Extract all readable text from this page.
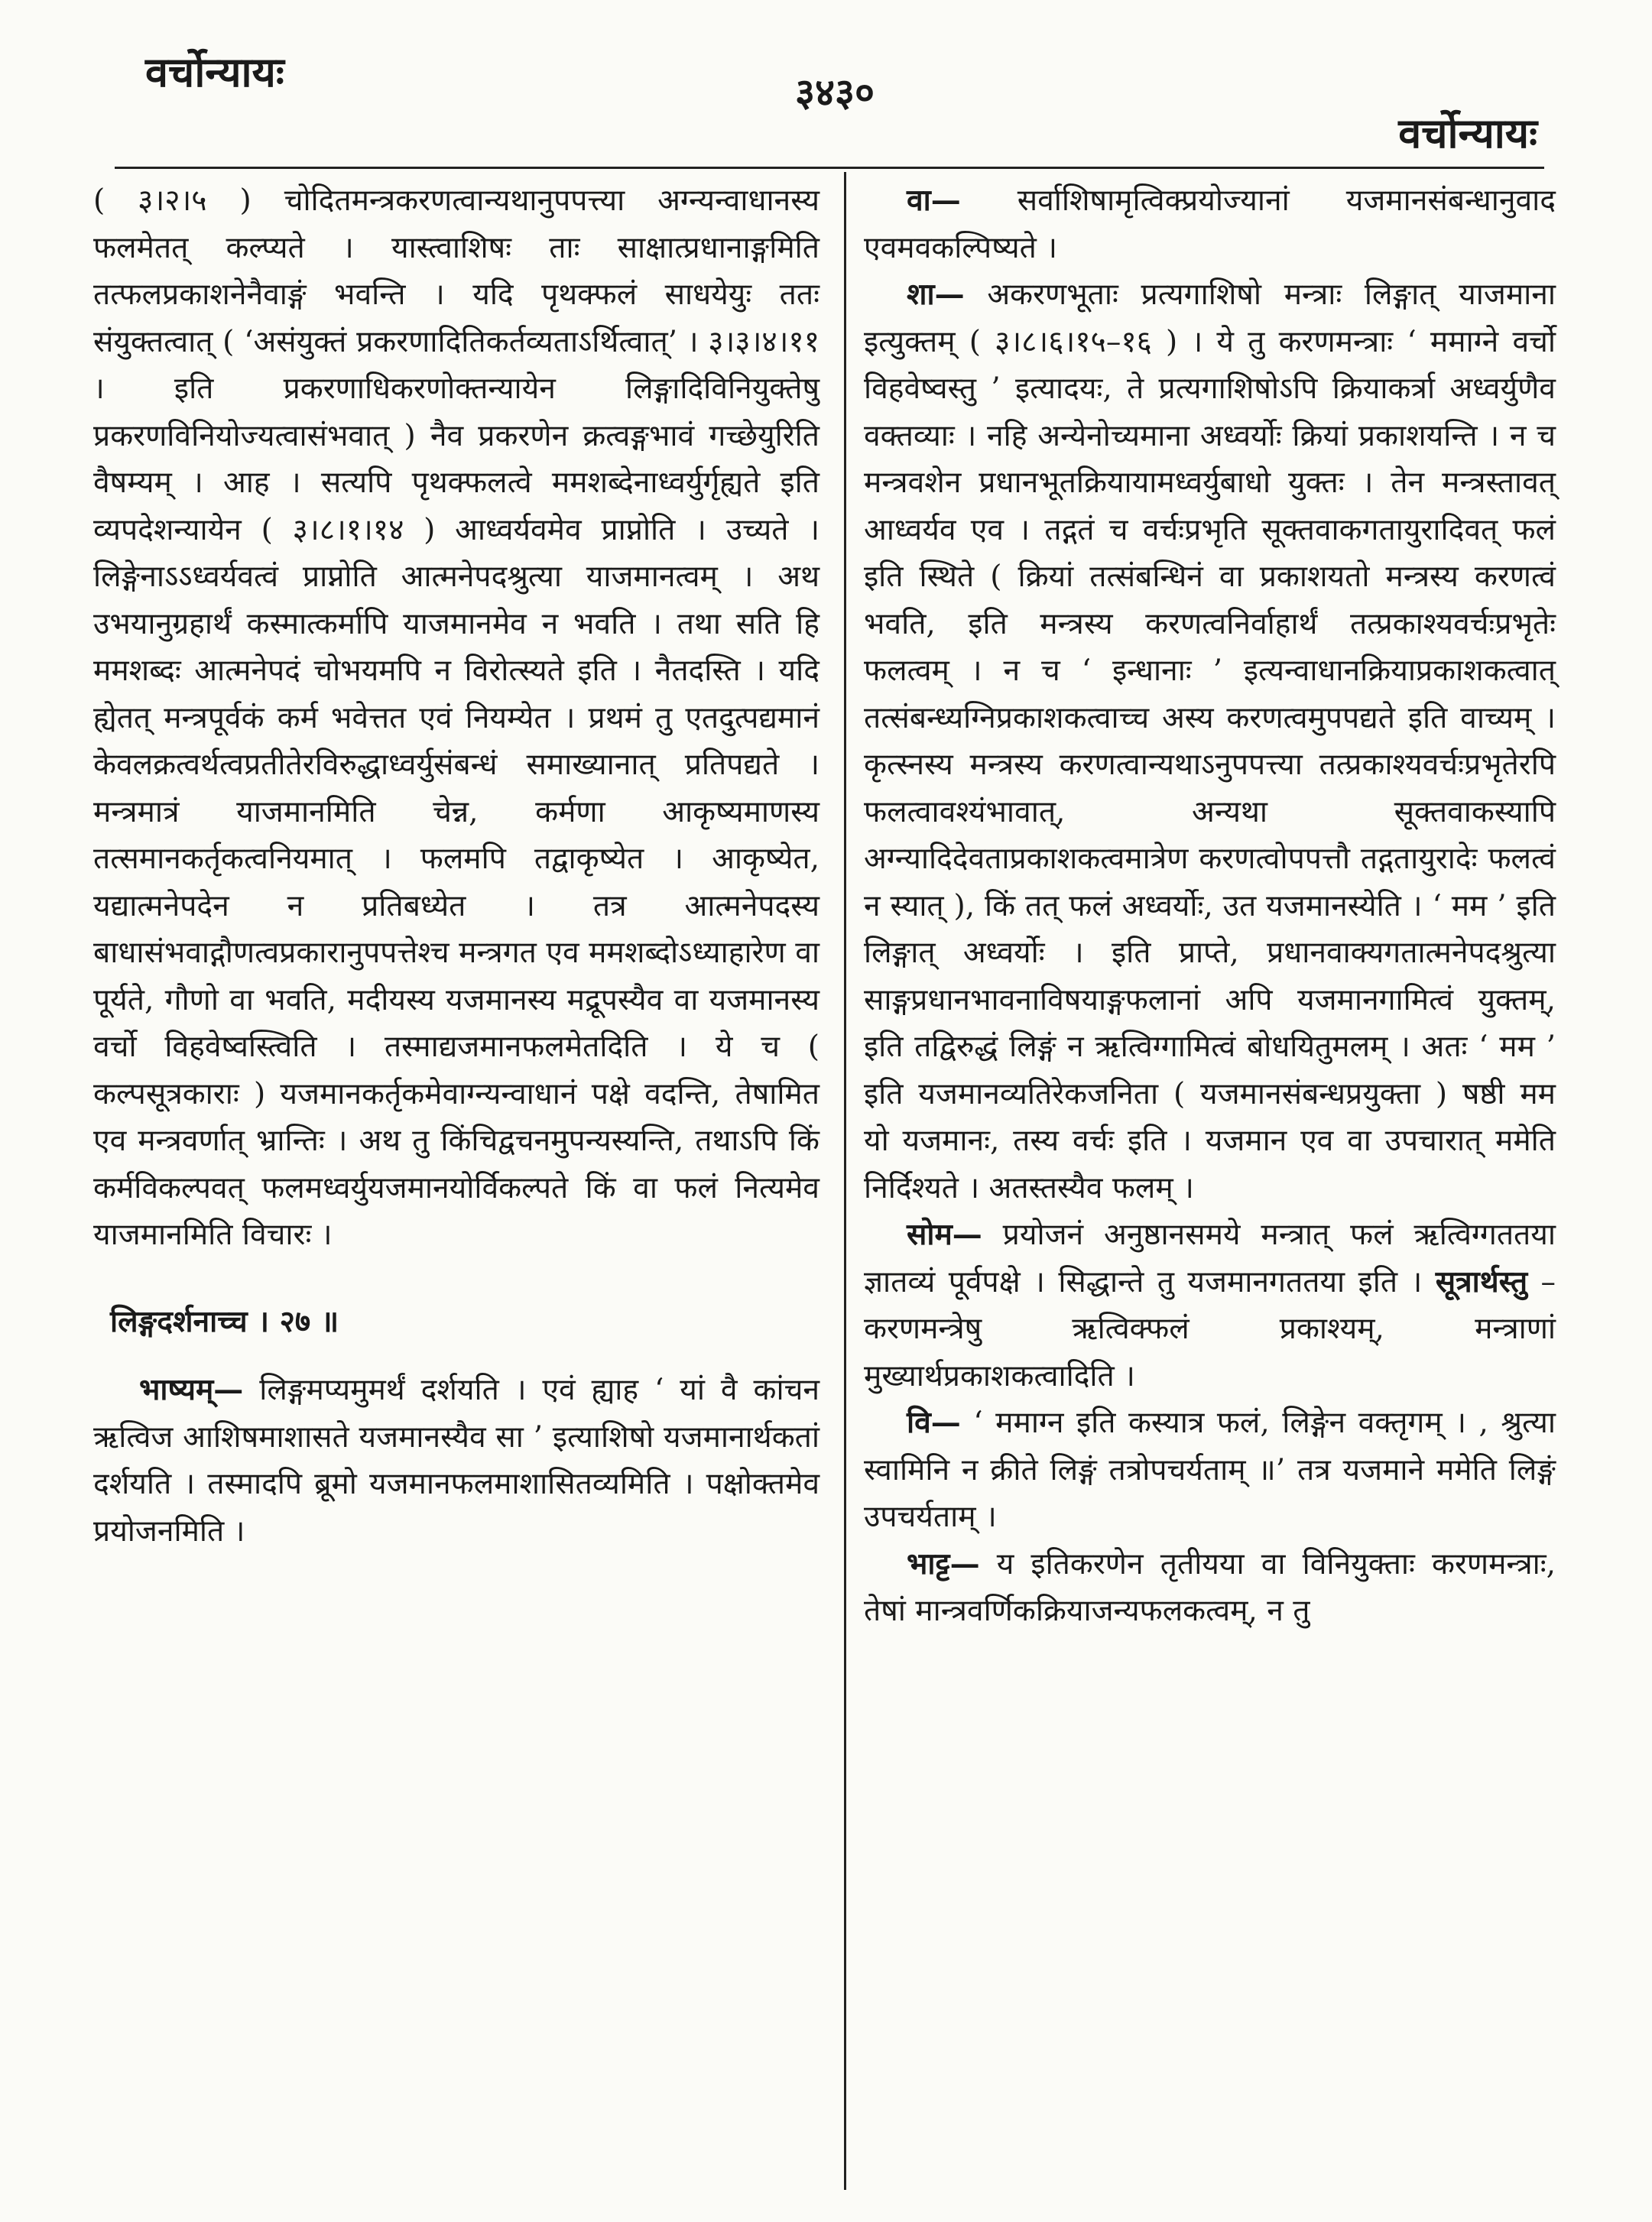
वर्चोन्यायः	३४३०
वर्चोन्यायः

( ३।२।५ ) चोदितमन्त्रकरणत्वान्यथानुपपत्त्या अग्न्यन्वाधानस्य फलमेतत् कल्प्यते । यास्त्वाशिषः ताः साक्षात्प्रधानाङ्गमिति तत्फलप्रकाशनेनैवाङ्गं भवन्ति । यदि पृथक्फलं साधयेयुः ततः संयुक्तत्वात् ( ‘असंयुक्तं प्रकरणादितिकर्तव्यताऽर्थित्वात्’ । ३।३।४।११ । इति प्रकरणाधिकरणोक्तन्यायेन लिङ्गादिविनियुक्तेषु प्रकरणविनियोज्यत्वासंभवात् ) नैव प्रकरणेन क्रत्वङ्गभावं गच्छेयुरिति वैषम्यम् । आह । सत्यपि पृथक्फलत्वे ममशब्देनाध्वर्युर्गृह्यते इति व्यपदेशन्यायेन ( ३।८।१।१४ ) आध्वर्यवमेव प्राप्नोति । उच्यते । लिङ्गेनाऽऽध्वर्यवत्वं प्राप्नोति आत्मनेपदश्रुत्या याजमानत्वम् । अथ उभयानुग्रहार्थं कस्मात्कर्मापि याजमानमेव न भवति । तथा सति हि ममशब्दः आत्मनेपदं चोभयमपि न विरोत्स्यते इति । नैतदस्ति । यदि ह्येतत् मन्त्रपूर्वकं कर्म भवेत्तत एवं नियम्येत । प्रथमं तु एतदुत्पद्यमानं केवलक्रत्वर्थत्वप्रतीतेरविरुद्धाध्वर्युसंबन्धं समाख्यानात् प्रतिपद्यते । मन्त्रमात्रं याजमानमिति चेन्न, कर्मणा आकृष्यमाणस्य तत्समानकर्तृकत्वनियमात् । फलमपि तद्वाकृष्येत । आकृष्येत, यद्यात्मनेपदेन न प्रतिबध्येत । तत्र आत्मनेपदस्य बाधासंभवाद्गौणत्वप्रकारानुपपत्तेश्च मन्त्रगत एव ममशब्दोऽध्याहारेण वा पूर्यते, गौणो वा भवति, मदीयस्य यजमानस्य मद्रूपस्यैव वा यजमानस्य वर्चो विहवेष्वस्त्विति । तस्माद्यजमानफलमेतदिति । ये च ( कल्पसूत्रकाराः ) यजमानकर्तृकमेवाग्न्यन्वाधानं पक्षे वदन्ति, तेषामित एव मन्त्रवर्णात् भ्रान्तिः । अथ तु किंचिद्वचनमुपन्यस्यन्ति, तथाऽपि किं कर्मविकल्पवत् फलमध्वर्युयजमानयोर्विकल्पते किं वा फलं नित्यमेव याजमानमिति विचारः ।

लिङ्गदर्शनाच्च । २७ ॥

भाष्यम्— लिङ्गमप्यमुमर्थं दर्शयति । एवं ह्याह ‘ यां वै कांचन ऋत्विज आशिषमाशासते यजमानस्यैव सा ’ इत्याशिषो यजमानार्थकतां दर्शयति । तस्मादपि ब्रूमो यजमानफलमाशासितव्यमिति । पक्षोक्तमेव प्रयोजनमिति ।

वा— सर्वाशिषामृत्विक्प्रयोज्यानां यजमानसंबन्धानुवाद एवमवकल्पिष्यते ।

शा— अकरणभूताः प्रत्यगाशिषो मन्त्राः लिङ्गात् याजमाना इत्युक्तम् ( ३।८।६।१५–१६ ) । ये तु करणमन्त्राः ‘ ममाग्ने वर्चो विहवेष्वस्तु ’ इत्यादयः, ते प्रत्यगाशिषोऽपि क्रियाकर्त्रा अध्वर्युणैव वक्तव्याः । नहि अन्येनोच्यमाना अध्वर्योः क्रियां प्रकाशयन्ति । न च मन्त्रवशेन प्रधानभूतक्रियायामध्वर्युबाधो युक्तः । तेन मन्त्रस्तावत् आध्वर्यव एव । तद्गतं च वर्चःप्रभृति सूक्तवाकगतायुरादिवत् फलं इति स्थिते ( क्रियां तत्संबन्धिनं वा प्रकाशयतो मन्त्रस्य करणत्वं भवति, इति मन्त्रस्य करणत्वनिर्वाहार्थं तत्प्रकाश्यवर्चःप्रभृतेः फलत्वम् । न च ‘ इन्धानाः ’ इत्यन्वाधानक्रियाप्रकाशकत्वात् तत्संबन्ध्यग्निप्रकाशकत्वाच्च अस्य करणत्वमुपपद्यते इति वाच्यम् । कृत्स्नस्य मन्त्रस्य करणत्वान्यथाऽनुपपत्त्या तत्प्रकाश्यवर्चःप्रभृतेरपि फलत्वावश्यंभावात्, अन्यथा सूक्तवाकस्यापि अग्न्यादिदेवताप्रकाशकत्वमात्रेण करणत्वोपपत्तौ तद्गतायुरादेः फलत्वं न स्यात् ), किं तत् फलं अध्वर्योः, उत यजमानस्येति । ‘ मम ’ इति लिङ्गात् अध्वर्योः । इति प्राप्ते, प्रधानवाक्यगतात्मनेपदश्रुत्या साङ्गप्रधानभावनाविषयाङ्गफलानां अपि यजमानगामित्वं युक्तम्, इति तद्विरुद्धं लिङ्गं न ऋत्विग्गामित्वं बोधयितुमलम् । अतः ‘ मम ’ इति यजमानव्यतिरेकजनिता ( यजमानसंबन्धप्रयुक्ता ) षष्ठी मम यो यजमानः, तस्य वर्चः इति । यजमान एव वा उपचारात् ममेति निर्दिश्यते । अतस्तस्यैव फलम् ।

सोम— प्रयोजनं अनुष्ठानसमये मन्त्रात् फलं ऋत्विग्गततया ज्ञातव्यं पूर्वपक्षे । सिद्धान्ते तु यजमानगततया इति । सूत्रार्थस्तु – करणमन्त्रेषु ऋत्विक्फलं प्रकाश्यम्, मन्त्राणां मुख्यार्थप्रकाशकत्वादिति ।

वि— ‘ ममाग्न इति कस्यात्र फलं, लिङ्गेन वक्तृगम् । , श्रुत्या स्वामिनि न क्रीते लिङ्गं तत्रोपचर्यताम् ॥’ तत्र यजमाने ममेति लिङ्गं उपचर्यताम् ।

भाट्ट— य इतिकरणेन तृतीयया वा विनियुक्ताः करणमन्त्राः, तेषां मान्त्रवर्णिकक्रियाजन्यफलकत्वम्, न तु
